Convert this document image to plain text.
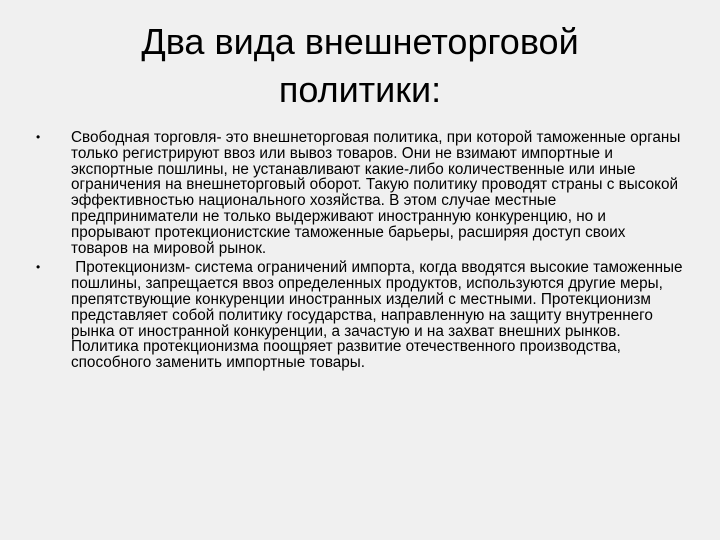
Два вида внешнеторговой политики:
•	Свободная торговля- это внешнеторговая политика, при которой таможенные органы только регистрируют ввоз или вывоз товаров. Они не взимают импортные и экспортные пошлины, не устанавливают какие-либо количественные или иные ограничения на внешнеторговый оборот. Такую политику проводят страны с высокой эффективностью национального хозяйства. В этом случае местные предприниматели не только выдерживают иностранную конкуренцию, но и прорывают протекционистские таможенные барьеры, расширяя доступ своих товаров на мировой рынок.
•	Протекционизм- система ограничений импорта, когда вводятся высокие таможенные пошлины, запрещается ввоз определенных продуктов, используются другие меры, препятствующие конкуренции иностранных изделий с местными. Протекционизм представляет собой политику государства, направленную на защиту внутреннего рынка от иностранной конкуренции, а зачастую и на захват внешних рынков. Политика протекционизма поощряет развитие отечественного производства, способного заменить импортные товары.
